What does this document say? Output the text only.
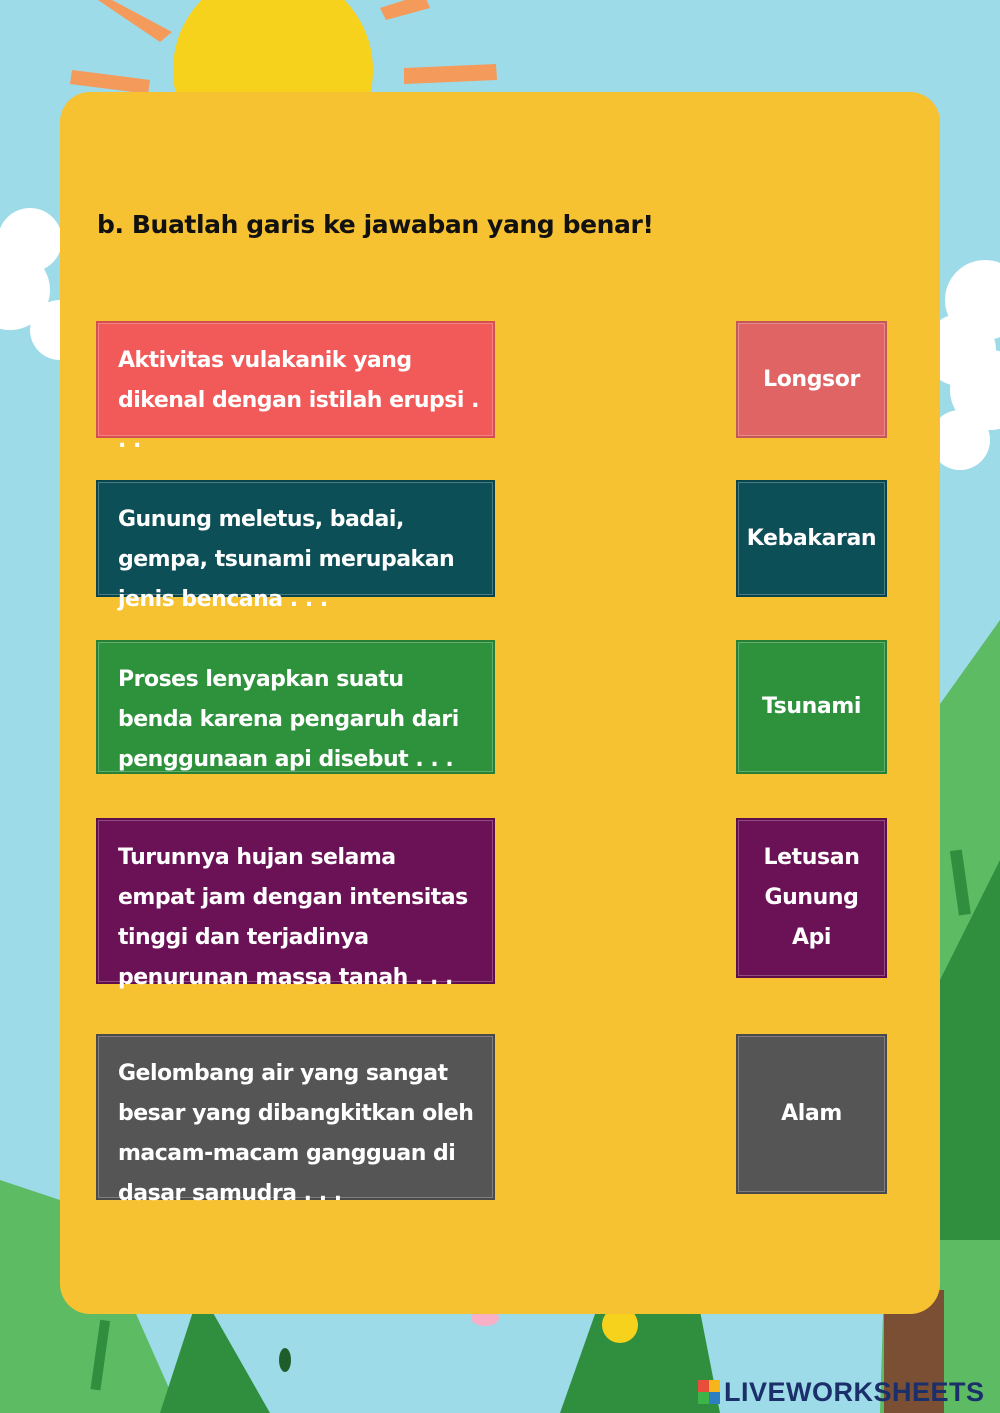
b. Buatlah garis ke jawaban yang benar!
Aktivitas vulakanik yang dikenal dengan istilah erupsi . . .
Gunung meletus, badai, gempa, tsunami merupakan jenis bencana . . .
Proses lenyapkan suatu benda karena pengaruh dari penggunaan api disebut . . .
Turunnya hujan selama empat jam dengan intensitas tinggi dan terjadinya penurunan massa tanah . . .
Gelombang air yang sangat besar yang dibangkitkan oleh macam-macam gangguan di dasar samudra . . .
Longsor
Kebakaran
Tsunami
Letusan Gunung Api
Alam
LIVEWORKSHEETS
